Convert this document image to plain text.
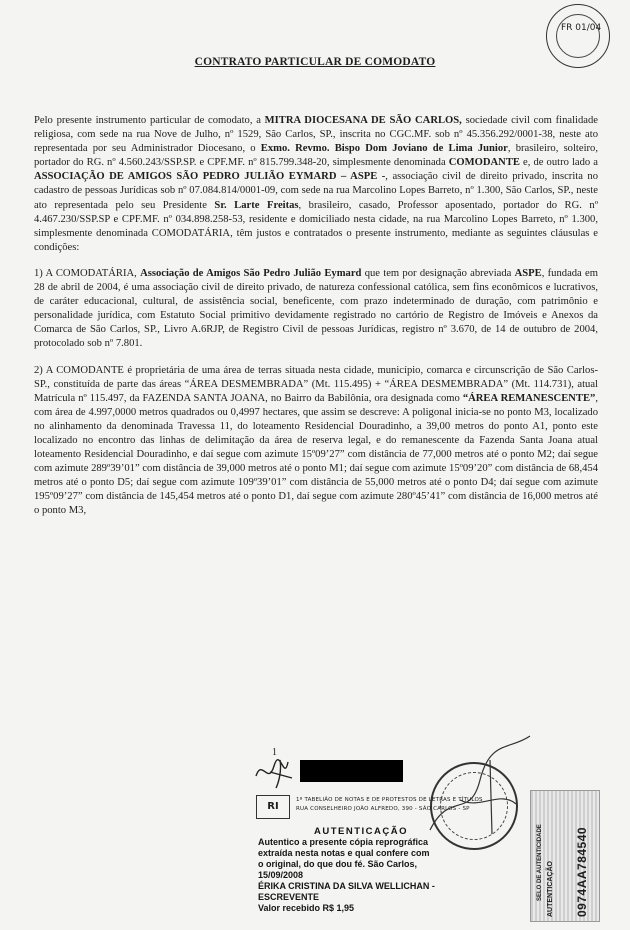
FR 01/04
CONTRATO PARTICULAR DE COMODATO

Pelo presente instrumento particular de comodato, a MITRA DIOCESANA DE SÃO CARLOS, sociedade civil com finalidade religiosa, com sede na rua Nove de Julho, nº 1529, São Carlos, SP., inscrita no CGC.MF. sob nº 45.356.292/0001-38, neste ato representada por seu Administrador Diocesano, o Exmo. Revmo. Bispo Dom Joviano de Lima Junior, brasileiro, solteiro, portador do RG. nº 4.560.243/SSP.SP. e CPF.MF. nº 815.799.348-20, simplesmente denominada COMODANTE e, de outro lado a ASSOCIAÇÃO DE AMIGOS SÃO PEDRO JULIÃO EYMARD – ASPE -, associação civil de direito privado, inscrita no cadastro de pessoas Jurídicas sob nº 07.084.814/0001-09, com sede na rua Marcolino Lopes Barreto, nº 1.300, São Carlos, SP., neste ato representada pelo seu Presidente Sr. Larte Freitas, brasileiro, casado, Professor aposentado, portador do RG. nº 4.467.230/SSP.SP e CPF.MF. nº 034.898.258-53, residente e domiciliado nesta cidade, na rua Marcolino Lopes Barreto, nº 1.300, simplesmente denominada COMODATÁRIA, têm justos e contratados o presente instrumento, mediante as seguintes cláusulas e condições:

1) A COMODATÁRIA, Associação de Amigos São Pedro Julião Eymard que tem por designação abreviada ASPE, fundada em 28 de abril de 2004, é uma associação civil de direito privado, de natureza confessional católica, sem fins econômicos e lucrativos, de caráter educacional, cultural, de assistência social, beneficente, com prazo indeterminado de duração, com patrimônio e personalidade jurídica, com Estatuto Social primitivo devidamente registrado no cartório de Registro de Imóveis e Anexos da Comarca de São Carlos, SP., Livro A.6RJP, de Registro Civil de pessoas Jurídicas, registro nº 3.670, de 14 de outubro de 2004, protocolado sob nº 7.801.

2) A COMODANTE é proprietária de uma área de terras situada nesta cidade, município, comarca e circunscrição de São Carlos-SP., constituída de parte das áreas “ÁREA DESMEMBRADA” (Mt. 115.495) + “ÁREA DESMEMBRADA” (Mt. 114.731), atual Matrícula nº 115.497, da FAZENDA SANTA JOANA, no Bairro da Babilônia, ora designada como “ÁREA REMANESCENTE”, com área de 4.997,0000 metros quadrados ou 0,4997 hectares, que assim se descreve: A poligonal inicia-se no ponto M3, localizado no alinhamento da denominada Travessa 11, do loteamento Residencial Douradinho, a 39,00 metros do ponto A1, ponto este localizado no encontro das linhas de delimitação da área de reserva legal, e do remanescente da Fazenda Santa Joana atual loteamento Residencial Douradinho, e daí segue com azimute 15º09’27” com distância de 77,000 metros até o ponto M2; daí segue com azimute 289º39’01” com distância de 39,000 metros até o ponto M1; daí segue com azimute 15º09’20” com distância de 68,454 metros até o ponto D5; daí segue com azimute 109º39’01” com distância de 55,000 metros até o ponto D4; daí segue com azimute 195º09’27” com distância de 145,454 metros até o ponto D1, daí segue com azimute 280º45’41” com distância de 16,000 metros até o ponto M3,

1
RI
1º TABELIÃO DE NOTAS E DE PROTESTOS DE LETRAS E TÍTULOS
RUA CONSELHEIRO JOÃO ALFREDO, 390 - SÃO CARLOS - SP
AUTENTICAÇÃO
Autentico a presente cópia reprográfica
extraída nesta notas e qual confere com
o original, do que dou fé. São Carlos,
15/09/2008
ÉRIKA CRISTINA DA SILVA WELLICHAN -
ESCREVENTE
Valor recebido R$ 1,95
SELO DE AUTENTICIDADE AUTENTICAÇÃO 0974AA784540
